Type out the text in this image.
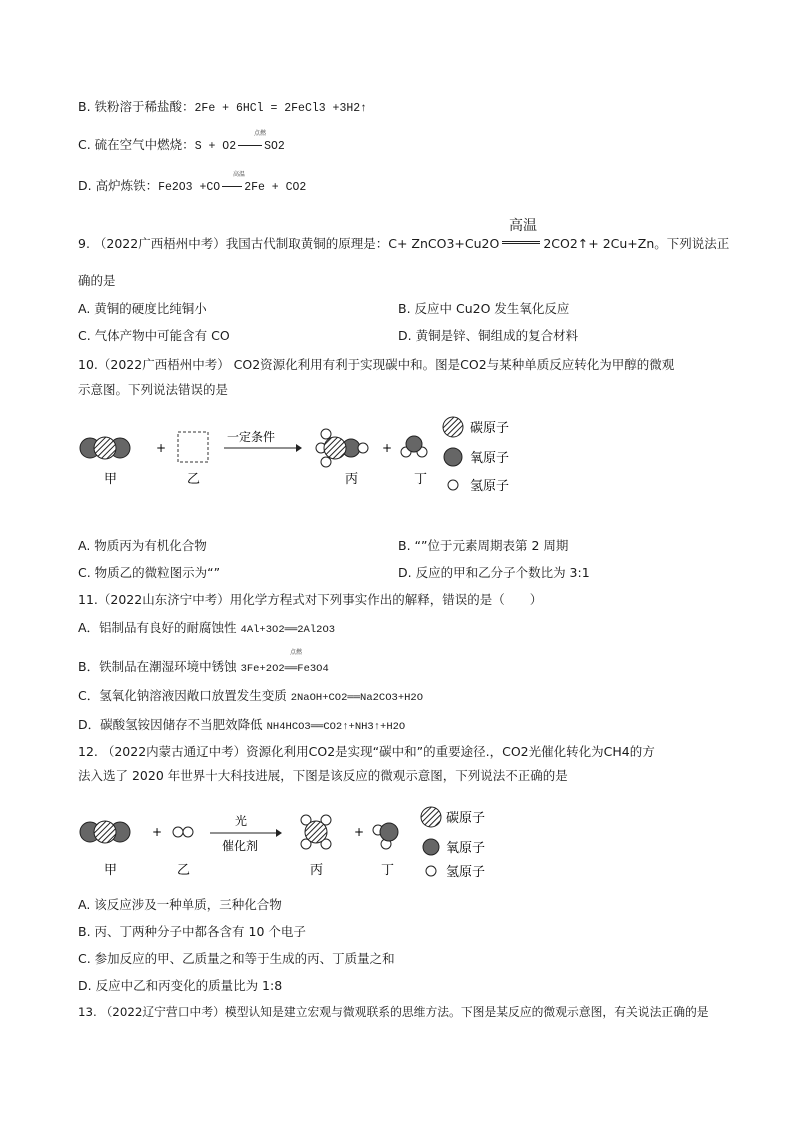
B. 铁粉溶于稀盐酸：2Fe + 6HCl = 2FeCl3 +3H2↑
C. 硫在空气中燃烧：S + O2 SO2
点燃
D. 高炉炼铁：Fe2O3 +CO 2Fe + CO2
高温
9. （2022广西梧州中考）我国古代制取黄铜的原理是：C+ ZnCO3+Cu2O	2CO2↑+ 2Cu+Zn。下列说法正
高温
确的是
A. 黄铜的硬度比纯铜小	B. 反应中 Cu2O 发生氧化反应
C. 气体产物中可能含有 CO	D. 黄铜是锌、铜组成的复合材料
10.（2022广西梧州中考） CO2资源化利用有利于实现碳中和。图是CO2与某种单质反应转化为甲醇的微观
示意图。下列说法错误的是
+
一定条件
+
甲	乙	丙	丁
碳原子
氧原子
氢原子
A. 物质丙为有机化合物	B. “”位于元素周期表第 2 周期
C. 物质乙的微粒图示为“”	D. 反应的甲和乙分子个数比为 3:1
11.（2022山东济宁中考）用化学方程式对下列事实作出的解释，错误的是（　　）
A．铝制品有良好的耐腐蚀性 4Al+3O2══2Al2O3
点燃
B．铁制品在潮湿环境中锈蚀 3Fe+2O2══Fe3O4
C．氢氧化钠溶液因敞口放置发生变质 2NaOH+CO2══Na2CO3+H2O
D．碳酸氢铵因储存不当肥效降低 NH4HCO3══CO2↑+NH3↑+H2O
12. （2022内蒙古通辽中考）资源化利用CO2是实现“碳中和”的重要途径.，CO2光催化转化为CH4的方
法入选了 2020 年世界十大科技进展，下图是该反应的微观示意图，下列说法不正确的是
+
光
催化剂
+
甲	乙	丙	丁
碳原子
氧原子
氢原子
A. 该反应涉及一种单质，三种化合物
B. 丙、丁两种分子中都各含有 10 个电子
C. 参加反应的甲、乙质量之和等于生成的丙、丁质量之和
D. 反应中乙和丙变化的质量比为 1:8
13. （2022辽宁营口中考）模型认知是建立宏观与微观联系的思维方法。下图是某反应的微观示意图，有关说法正确的是
